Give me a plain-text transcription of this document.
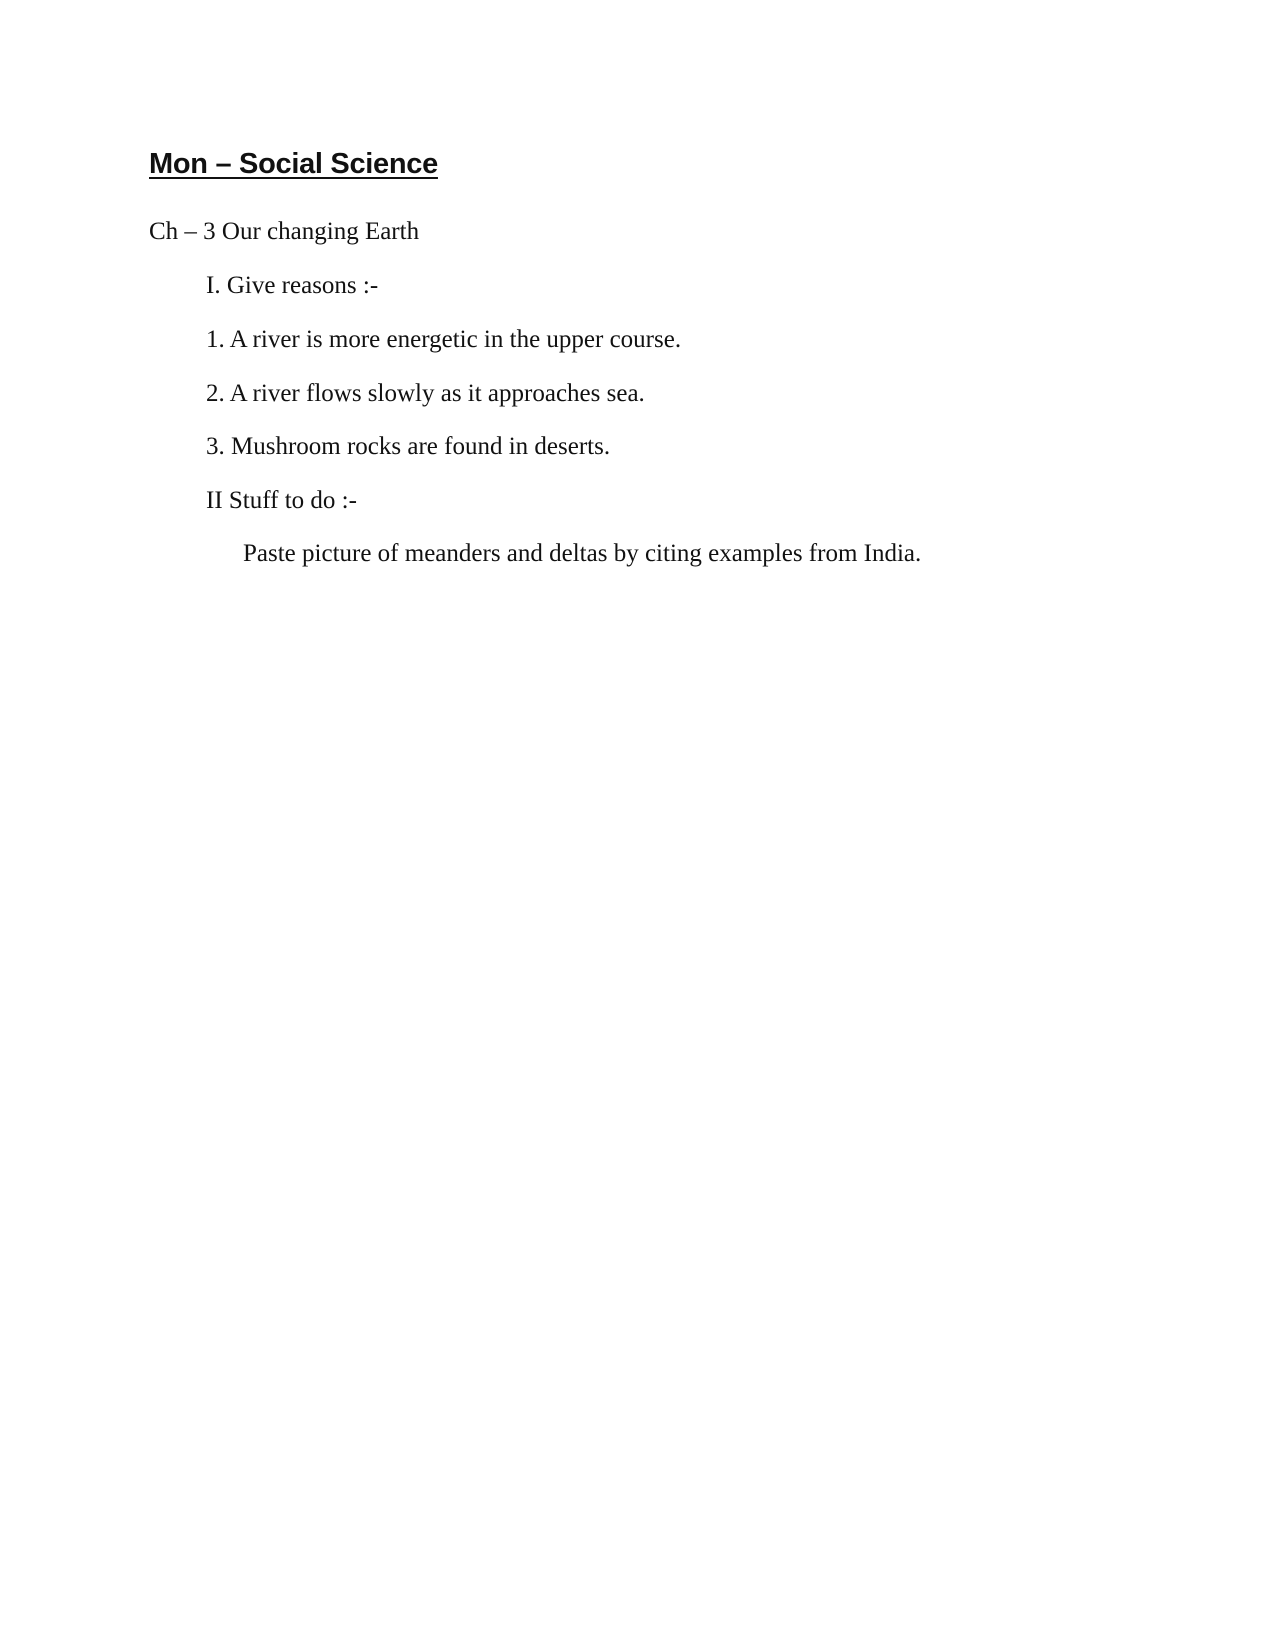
Mon – Social Science
Ch – 3 Our changing Earth
I. Give reasons :-
1. A river is more energetic in the upper course.
2. A river flows slowly as it approaches sea.
3. Mushroom rocks are found in deserts.
II Stuff to do :-
Paste picture of meanders and deltas by citing examples from India.
